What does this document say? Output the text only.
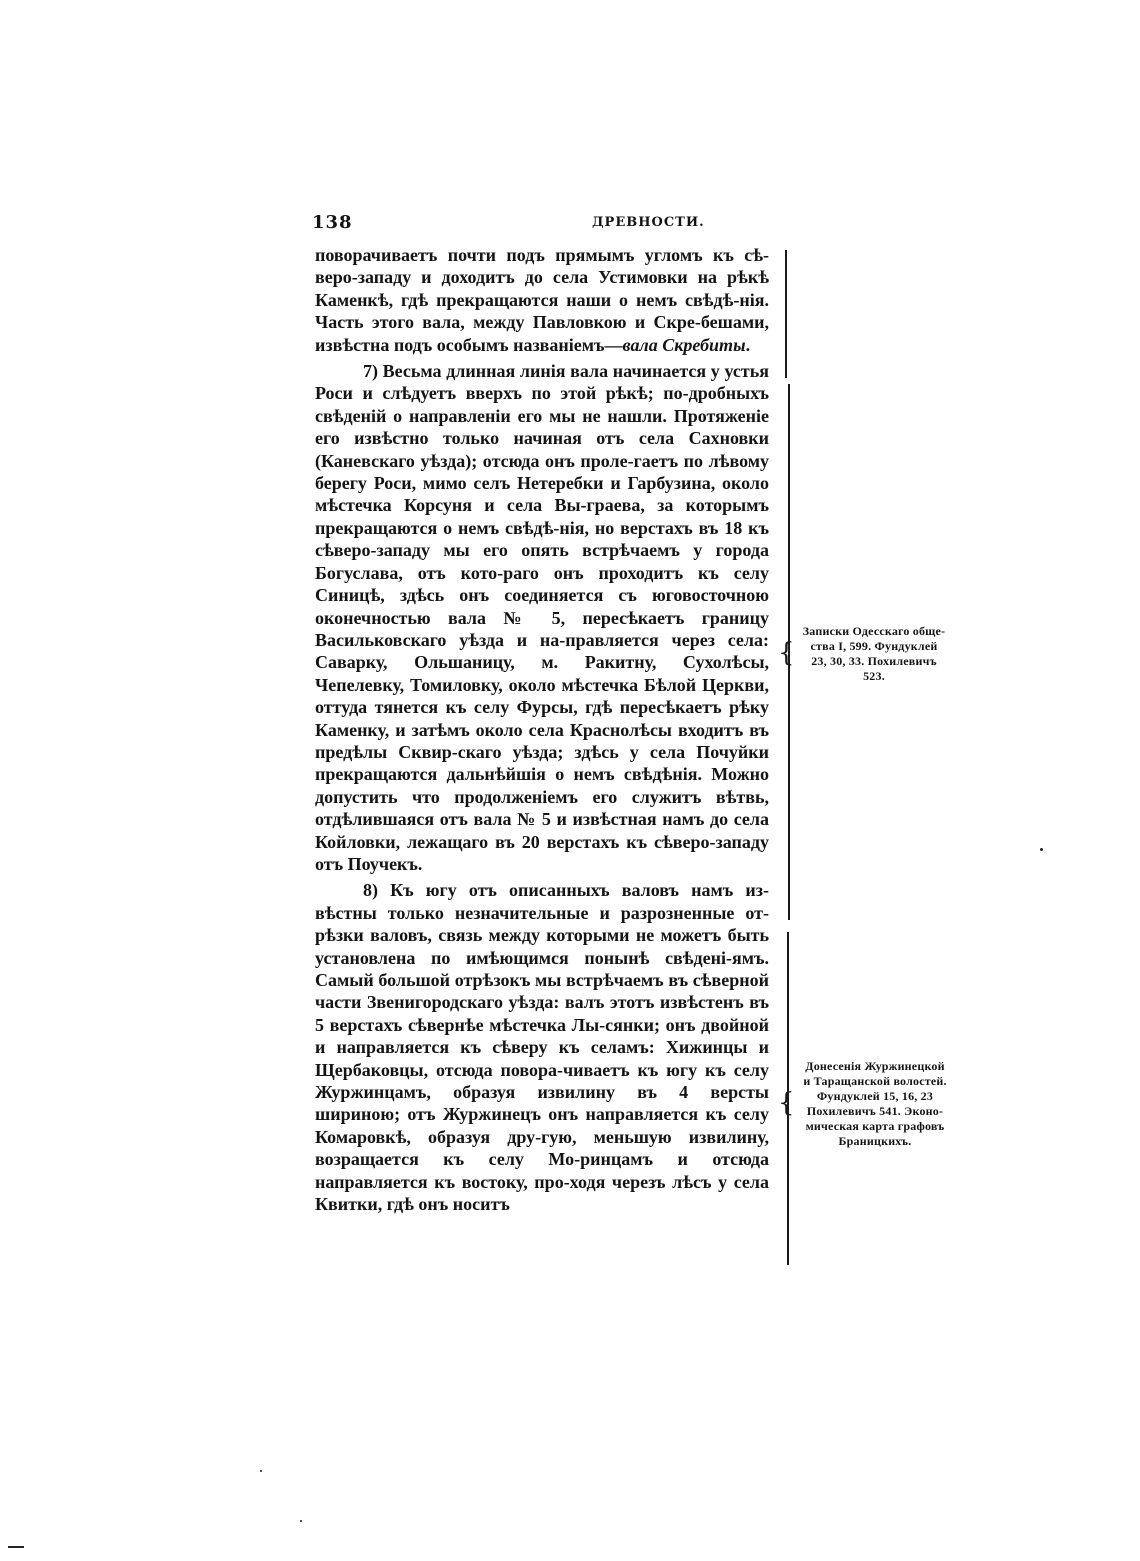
138	ДРЕВНОСТИ.

поворачиваетъ почти подъ прямымъ угломъ къ сѣ-веро-западу и доходитъ до села Устимовки на рѣкѣ Каменкѣ, гдѣ прекращаются наши о немъ свѣдѣ-нія. Часть этого вала, между Павловкою и Скре-бешами, извѣстна подъ особымъ названіемъ—вала Скребиты.

7) Весьма длинная линія вала начинается у устья Роси и слѣдуетъ вверхъ по этой рѣкѣ; по-дробныхъ свѣденій о направленіи его мы не нашли. Протяженіе его извѣстно только начиная отъ села Сахновки (Каневскаго уѣзда); отсюда онъ проле-гаетъ по лѣвому берегу Роси, мимо селъ Нетеребки и Гарбузина, около мѣстечка Корсуня и села Вы-граева, за которымъ прекращаются о немъ свѣдѣ-нія, но верстахъ въ 18 къ сѣверо-западу мы его опять встрѣчаемъ у города Богуслава, отъ кото-раго онъ проходитъ къ селу Синицѣ, здѣсь онъ соединяется съ юговосточною оконечностью вала № 5, пересѣкаетъ границу Васильковскаго уѣзда и на-правляется через села: Саварку, Ольшаницу, м. Ракитну, Сухолѣсы, Чепелевку, Томиловку, около мѣстечка Бѣлой Церкви, оттуда тянется къ селу Фурсы, гдѣ пересѣкаетъ рѣку Каменку, и затѣмъ около села Краснолѣсы входитъ въ предѣлы Сквир-скаго уѣзда; здѣсь у села Почуйки прекращаются дальнѣйшія о немъ свѣдѣнія. Можно допустить что продолженіемъ его служитъ вѣтвь, отдѣлившаяся отъ вала № 5 и извѣстная намъ до села Койловки, лежащаго въ 20 верстахъ къ сѣверо-западу отъ Поучекъ.

8) Къ югу отъ описанныхъ валовъ намъ из-вѣстны только незначительные и разрозненные от-рѣзки валовъ, связь между которыми не можетъ быть установлена по имѣющимся понынѣ свѣдені-ямъ. Самый большой отрѣзокъ мы встрѣчаемъ въ сѣверной части Звенигородскаго уѣзда: валъ этотъ извѣстенъ въ 5 верстахъ сѣвернѣе мѣстечка Лы-сянки; онъ двойной и направляется къ сѣверу къ селамъ: Хижинцы и Щербаковцы, отсюда повора-чиваетъ къ югу къ селу Журжинцамъ, образуя извилину въ 4 версты шириною; отъ Журжинецъ онъ направляется къ селу Комаровкѣ, образуя дру-гую, меньшую извилину, возращается къ селу Мо-ринцамъ и отсюда направляется къ востоку, про-ходя черезъ лѣсъ у села Квитки, гдѣ онъ носитъ

{
{
Записки Одесскаго обще-
ства I, 599. Фундуклей
23, 30, 33. Похилевичъ
523.
Донесенія Журжинецкой
и Таращанской волостей.
Фундуклей 15, 16, 23
Похилевичъ 541. Эконо-
мическая карта графовъ
Браницкихъ.
